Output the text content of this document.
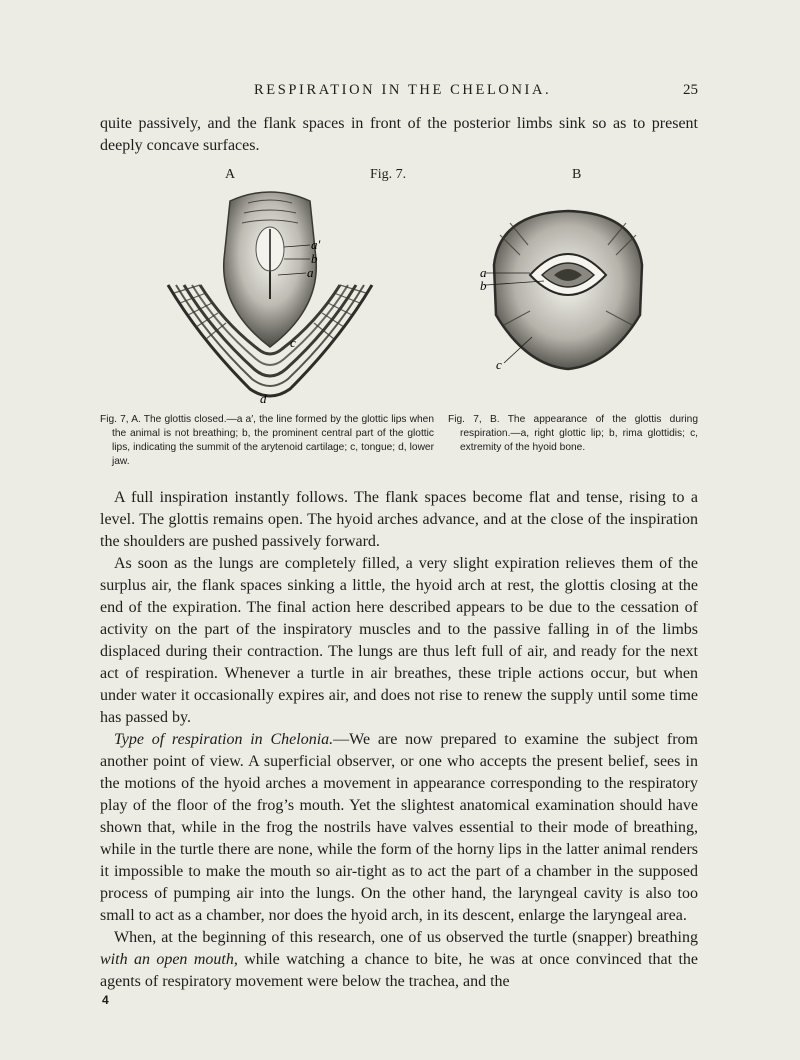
RESPIRATION IN THE CHELONIA.	25

quite passively, and the flank spaces in front of the posterior limbs sink so as to present deeply concave surfaces.

A	Fig. 7.	B
a′
b
a
c
d
a
b
c
Fig. 7, A. The glottis closed.—a a′, the line formed by the glottic lips when the animal is not breathing; b, the prominent central part of the glottic lips, indicating the summit of the arytenoid cartilage; c, tongue; d, lower jaw.
Fig. 7, B. The appearance of the glottis during respiration.—a, right glottic lip; b, rima glottidis; c, extremity of the hyoid bone.

A full inspiration instantly follows. The flank spaces become flat and tense, rising to a level. The glottis remains open. The hyoid arches advance, and at the close of the inspiration the shoulders are pushed passively forward.

As soon as the lungs are completely filled, a very slight expiration relieves them of the surplus air, the flank spaces sinking a little, the hyoid arch at rest, the glottis closing at the end of the expiration. The final action here described appears to be due to the cessation of activity on the part of the inspiratory muscles and to the passive falling in of the limbs displaced during their contraction. The lungs are thus left full of air, and ready for the next act of respiration. Whenever a turtle in air breathes, these triple actions occur, but when under water it occasionally expires air, and does not rise to renew the supply until some time has passed by.

Type of respiration in Chelonia.—We are now prepared to examine the subject from another point of view. A superficial observer, or one who accepts the present belief, sees in the motions of the hyoid arches a movement in appearance corresponding to the respiratory play of the floor of the frog’s mouth. Yet the slightest anatomical examination should have shown that, while in the frog the nostrils have valves essential to their mode of breathing, while in the turtle there are none, while the form of the horny lips in the latter animal renders it impossible to make the mouth so air-tight as to act the part of a chamber in the supposed process of pumping air into the lungs. On the other hand, the laryngeal cavity is also too small to act as a chamber, nor does the hyoid arch, in its descent, enlarge the laryngeal area.

When, at the beginning of this research, one of us observed the turtle (snapper) breathing with an open mouth, while watching a chance to bite, he was at once convinced that the agents of respiratory movement were below the trachea, and the

4
